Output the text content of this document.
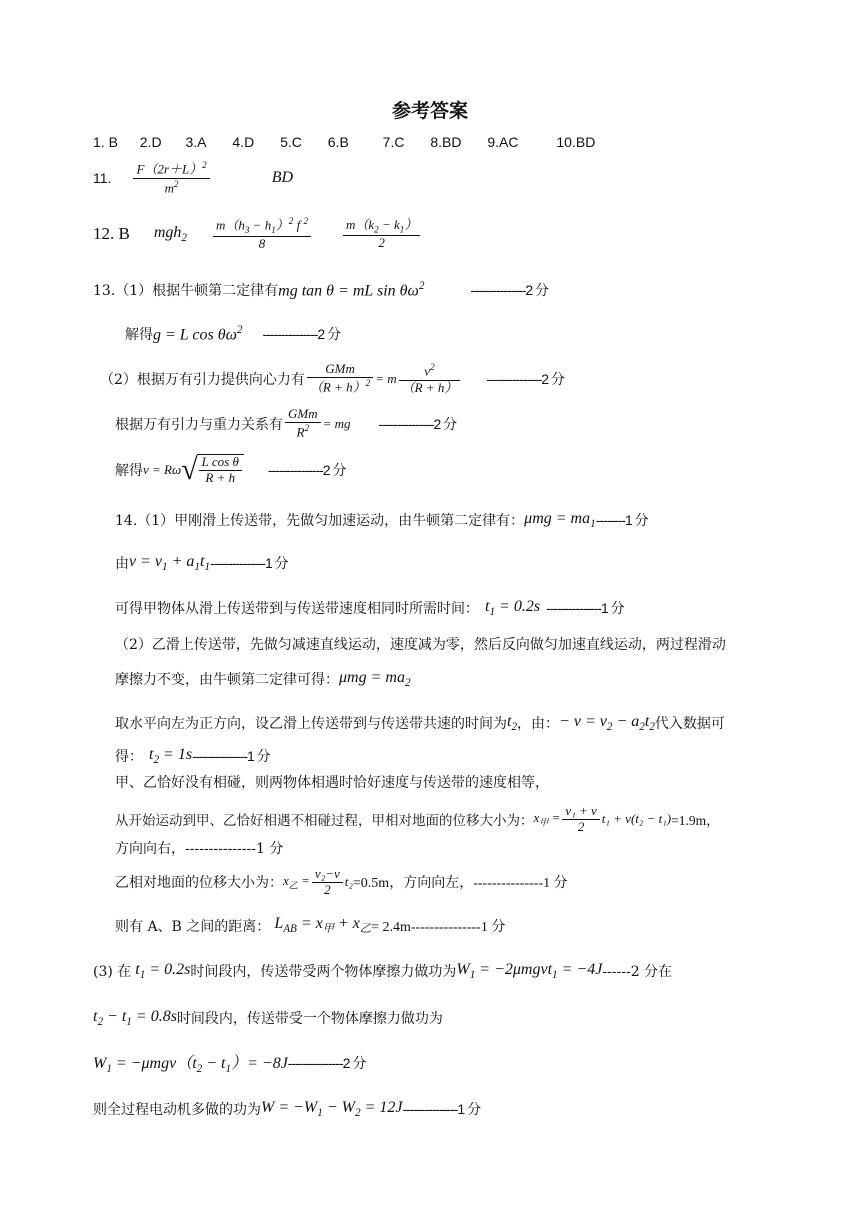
参考答案
1. B 2.D 3.A 4.D 5.C 6.B 7.C 8.BD 9.AC	10.BD
11. $\frac{F(2r+L)^2}{m^2}$	BD
12. B $mgh_2 \frac{m(h_3 - h_1)^2 f ^2}{8} \frac{m(k_2 - k_1)}{2}$
13.（1）根据牛顿第二定律有 mg tan θ = mL $\sin \theta\omega^2$	---------------2 分
解得 g = L $\cos \theta\omega^2$ ---------------2 分
（2）根据万有引力提供向心力有 $\frac{\text{GMm}}{(R + h)^2} = m \frac{v^2}{(R + h)} ---------------2$ 分
根据万有引力与重力关系有 $\frac{\text{GMm}}{R^2}$ = mg ---------------2 分
解得 v = Rω √ $\frac{\text{L cos θ}}{R + h} ---------------2$ 分
14.（1）甲刚滑上传送带，先做匀加速运动，由牛顿第二定律有： $\mu mg = ma_1$ --------1 分
由 $v = v_1 + a_1t_1$ ---------------1 分
可得甲物体从滑上传送带到与传送带速度相同时所需时间： $t_1 = 0.2s$ ---------------1 分
（2）乙滑上传送带，先做匀减速直线运动，速度减为零，然后反向做匀加速直线运动，两过程滑动
摩擦力不变，由牛顿第二定律可得： $\mu mg = ma_2$
取水平向左为正方向，设乙滑上传送带到与传送带共速的时间为 $t_2$ ，由： − $v = v_2 - a_2t_2$ 代入数据可
得： $t_2 = 1s$ ---------------1 分
甲、乙恰好没有相碰，则两物体相遇时恰好速度与传送带的速度相等，
从开始运动到甲、乙恰好相遇不相碰过程，甲相对地面的位移大小为： $x_甲 = \frac{\text{v₁ + v}}{2} t_1 + v(t_2 - t_1) =1.9m$，
方向向右，---------------1 分
乙相对地面的位移大小为： $x_乙 = \frac{\text{v₂−v}}{2} t_2 =0.5m$，方向向左，---------------1 分
则有 A、B 之间的距离： $L_{AB} = x_甲 + x_乙 = 2.4m---------------1$ 分
(3) 在 $t_1 = 0.2s$ 时间段内，传送带受两个物体摩擦力做功为 $W_1$ = −2μmgvt$_1$ = −4J ------2 分在
$t_2 - t_1 = 0.8s$ 时间段内，传送带受一个物体摩擦力做功为
$W_1 = -\mu mgv(t_2 - t_1)= -8J$ ---------------2 分
则全过程电动机多做的功为 $W = -W_1 - W_2 = 12J$ ---------------1 分
